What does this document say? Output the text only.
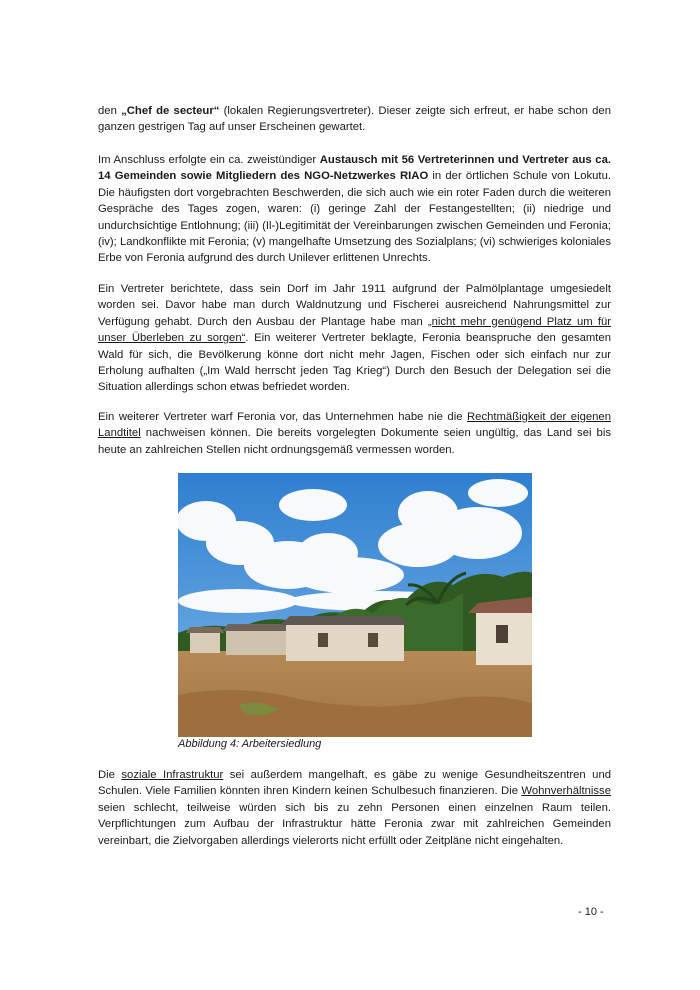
den „Chef de secteur“ (lokalen Regierungsvertreter). Dieser zeigte sich erfreut, er habe schon den ganzen gestrigen Tag auf unser Erscheinen gewartet.

Im Anschluss erfolgte ein ca. zweistündiger Austausch mit 56 Vertreterinnen und Vertreter aus ca. 14 Gemeinden sowie Mitgliedern des NGO-Netzwerkes RIAO in der örtlichen Schule von Lokutu. Die häufigsten dort vorgebrachten Beschwerden, die sich auch wie ein roter Faden durch die weiteren Gespräche des Tages zogen, waren: (i) geringe Zahl der Festangestellten; (ii) niedrige und undurchsichtige Entlohnung; (iii) (Il-)Legitimität der Vereinbarungen zwischen Gemeinden und Feronia; (iv); Landkonflikte mit Feronia; (v) mangelhafte Umsetzung des Sozialplans; (vi) schwieriges koloniales Erbe von Feronia aufgrund des durch Unilever erlittenen Unrechts.

Ein Vertreter berichtete, dass sein Dorf im Jahr 1911 aufgrund der Palmölplantage umgesiedelt worden sei. Davor habe man durch Waldnutzung und Fischerei ausreichend Nahrungsmittel zur Verfügung gehabt. Durch den Ausbau der Plantage habe man „nicht mehr genügend Platz um für unser Überleben zu sorgen“. Ein weiterer Vertreter beklagte, Feronia beanspruche den gesamten Wald für sich, die Bevölkerung könne dort nicht mehr Jagen, Fischen oder sich einfach nur zur Erholung aufhalten („Im Wald herrscht jeden Tag Krieg“) Durch den Besuch der Delegation sei die Situation allerdings schon etwas befriedet worden.

Ein weiterer Vertreter warf Feronia vor, das Unternehmen habe nie die Rechtmäßigkeit der eigenen Landtitel nachweisen können. Die bereits vorgelegten Dokumente seien ungültig, das Land sei bis heute an zahlreichen Stellen nicht ordnungsgemäß vermessen worden.

Abbildung 4: Arbeitersiedlung

Die soziale Infrastruktur sei außerdem mangelhaft, es gäbe zu wenige Gesundheitszentren und Schulen. Viele Familien könnten ihren Kindern keinen Schulbesuch finanzieren. Die Wohnverhältnisse seien schlecht, teilweise würden sich bis zu zehn Personen einen einzelnen Raum teilen. Verpflichtungen zum Aufbau der Infrastruktur hätte Feronia zwar mit zahlreichen Gemeinden vereinbart, die Zielvorgaben allerdings vielerorts nicht erfüllt oder Zeitpläne nicht eingehalten.

- 10 -
